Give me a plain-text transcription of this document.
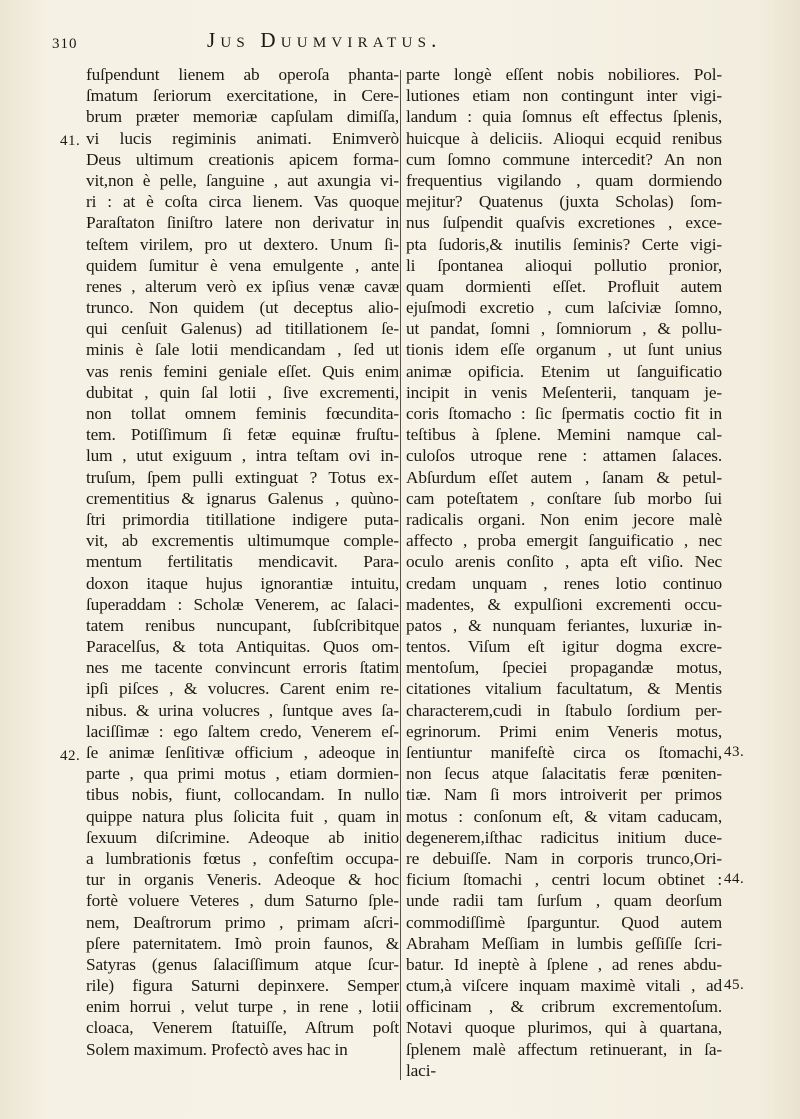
310	Jus Duumviratus.
fuſpendunt lienem ab operoſa phanta-
ſmatum ſeriorum exercitatione, in Cere-
brum præter memoriæ capſulam dimiſſa,
vi lucis regiminis animati. Enimverò
Deus ultimum creationis apicem forma-
vit,non è pelle, ſanguine , aut axungia vi-
ri : at è coſta circa lienem. Vas quoque
Paraſtaton ſiniſtro latere non derivatur in
teſtem virilem, pro ut dextero. Unum ſi-
quidem ſumitur è vena emulgente , ante
renes , alterum verò ex ipſius venæ cavæ
trunco. Non quidem (ut deceptus alio-
qui cenſuit Galenus) ad titillationem ſe-
minis è ſale lotii mendicandam , ſed ut
vas renis femini geniale eſſet. Quis enim
dubitat , quin ſal lotii , ſive excrementi,
non tollat omnem feminis fœcundita-
tem. Potiſſimum ſi fetæ equinæ fruſtu-
lum , utut exiguum , intra teſtam ovi in-
truſum, ſpem pulli extinguat ? Totus ex-
crementitius & ignarus Galenus , quùno-
ſtri primordia titillatione indigere puta-
vit, ab excrementis ultimumque comple-
mentum fertilitatis mendicavit. Para-
doxon itaque hujus ignorantiæ intuitu,
ſuperaddam : Scholæ Venerem, ac ſalaci-
tatem renibus nuncupant, ſubſcribitque
Paracelſus, & tota Antiquitas. Quos om-
nes me tacente convincunt erroris ſtatim
ipſi piſces , & volucres. Carent enim re-
nibus. & urina volucres , ſuntque aves ſa-
laciſſimæ : ego ſaltem credo, Venerem eſ-
ſe animæ ſenſitivæ officium , adeoque in
parte , qua primi motus , etiam dormien-
tibus nobis, fiunt, collocandam. In nullo
quippe natura plus ſolicita fuit , quam in
ſexuum diſcrimine. Adeoque ab initio
a lumbrationis fœtus , confeſtim occupa-
tur in organis Veneris. Adeoque & hoc
fortè voluere Veteres , dum Saturno ſple-
nem, Deaſtrorum primo , primam aſcri-
pſere paternitatem. Imò proin faunos, &
Satyras (genus ſalaciſſimum atque ſcur-
rile) figura Saturni depinxere. Semper
enim horrui , velut turpe , in rene , lotii
cloaca, Venerem ſtatuiſſe, Aſtrum poſt
Solem maximum. Profectò aves hac in
parte longè eſſent nobis nobiliores. Pol-
lutiones etiam non contingunt inter vigi-
landum : quia ſomnus eſt effectus ſplenis,
huicque à deliciis. Alioqui ecquid renibus
cum ſomno commune intercedit? An non
frequentius vigilando , quam dormiendo
mejitur? Quatenus (juxta Scholas) ſom-
nus ſuſpendit quaſvis excretiones , exce-
pta ſudoris,& inutilis ſeminis? Certe vigi-
li ſpontanea alioqui pollutio pronior,
quam dormienti eſſet. Profluit autem
ejuſmodi excretio , cum laſciviæ ſomno,
ut pandat, ſomni , ſomniorum , & pollu-
tionis idem eſſe organum , ut ſunt unius
animæ opificia. Etenim ut ſanguificatio
incipit in venis Meſenterii, tanquam je-
coris ſtomacho : ſic ſpermatis coctio fit in
teſtibus à ſplene. Memini namque cal-
culoſos utroque rene : attamen ſalaces.
Abſurdum eſſet autem , ſanam & petul-
cam poteſtatem , conſtare ſub morbo ſui
radicalis organi. Non enim jecore malè
affecto , proba emergit ſanguificatio , nec
oculo arenis conſito , apta eſt viſio. Nec
credam unquam , renes lotio continuo
madentes, & expulſioni excrementi occu-
patos , & nunquam feriantes, luxuriæ in-
tentos. Viſum eſt igitur dogma excre-
mentoſum, ſpeciei propagandæ motus,
citationes vitalium facultatum, & Mentis
characterem,cudi in ſtabulo ſordium per-
egrinorum. Primi enim Veneris motus,
ſentiuntur manifeſtè circa os ſtomachi,
non ſecus atque ſalacitatis feræ pœniten-
tiæ. Nam ſi mors introiverit per primos
motus : conſonum eſt, & vitam caducam,
degenerem,iſthac radicitus initium duce-
re debuiſſe. Nam in corporis trunco,Ori-
ficium ſtomachi , centri locum obtinet :
unde radii tam ſurſum , quam deorſum
commodiſſimè ſparguntur. Quod autem
Abraham Meſſiam in lumbis geſſiſſe ſcri-
batur. Id ineptè à ſplene , ad renes abdu-
ctum,à viſcere inquam maximè vitali , ad
officinam , & cribrum excrementoſum.
Notavi quoque plurimos, qui à quartana,
ſplenem malè affectum retinuerant, in ſa-
laci-
41.
42.	43.
44.
45.
